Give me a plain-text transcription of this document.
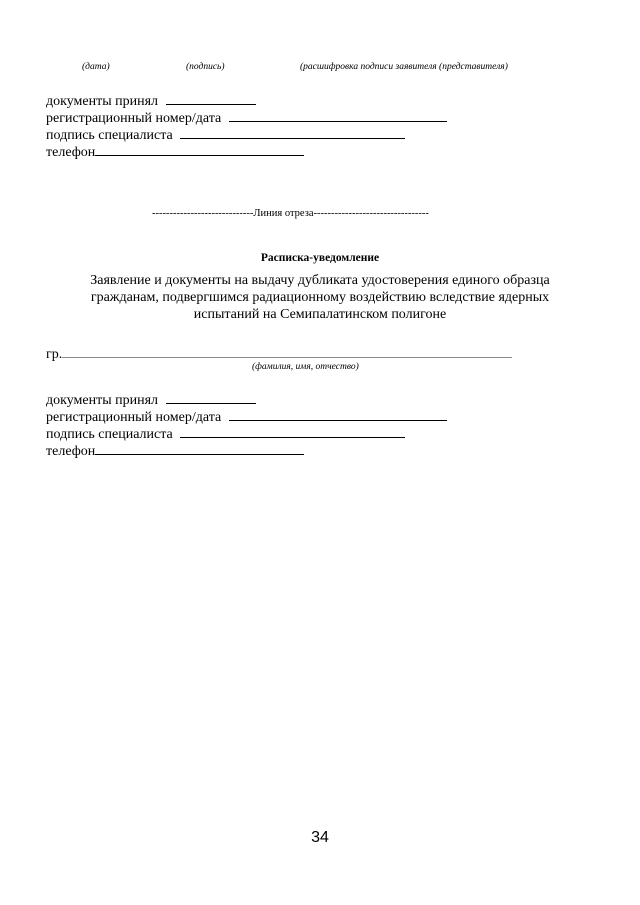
(дата)	(подпись)	(расшифровка подписи заявителя (представителя)
документы принял
регистрационный номер/дата
подпись специалиста
телефон
-----------------------------Линия отреза---------------------------------
Расписка-уведомление
Заявление и документы на выдачу дубликата удостоверения единого образца
гражданам, подвергшимся радиационному воздействию вследствие ядерных
испытаний на Семипалатинском полигоне
гр.
(фамилия, имя, отчество)
документы принял
регистрационный номер/дата
подпись специалиста
телефон
34
